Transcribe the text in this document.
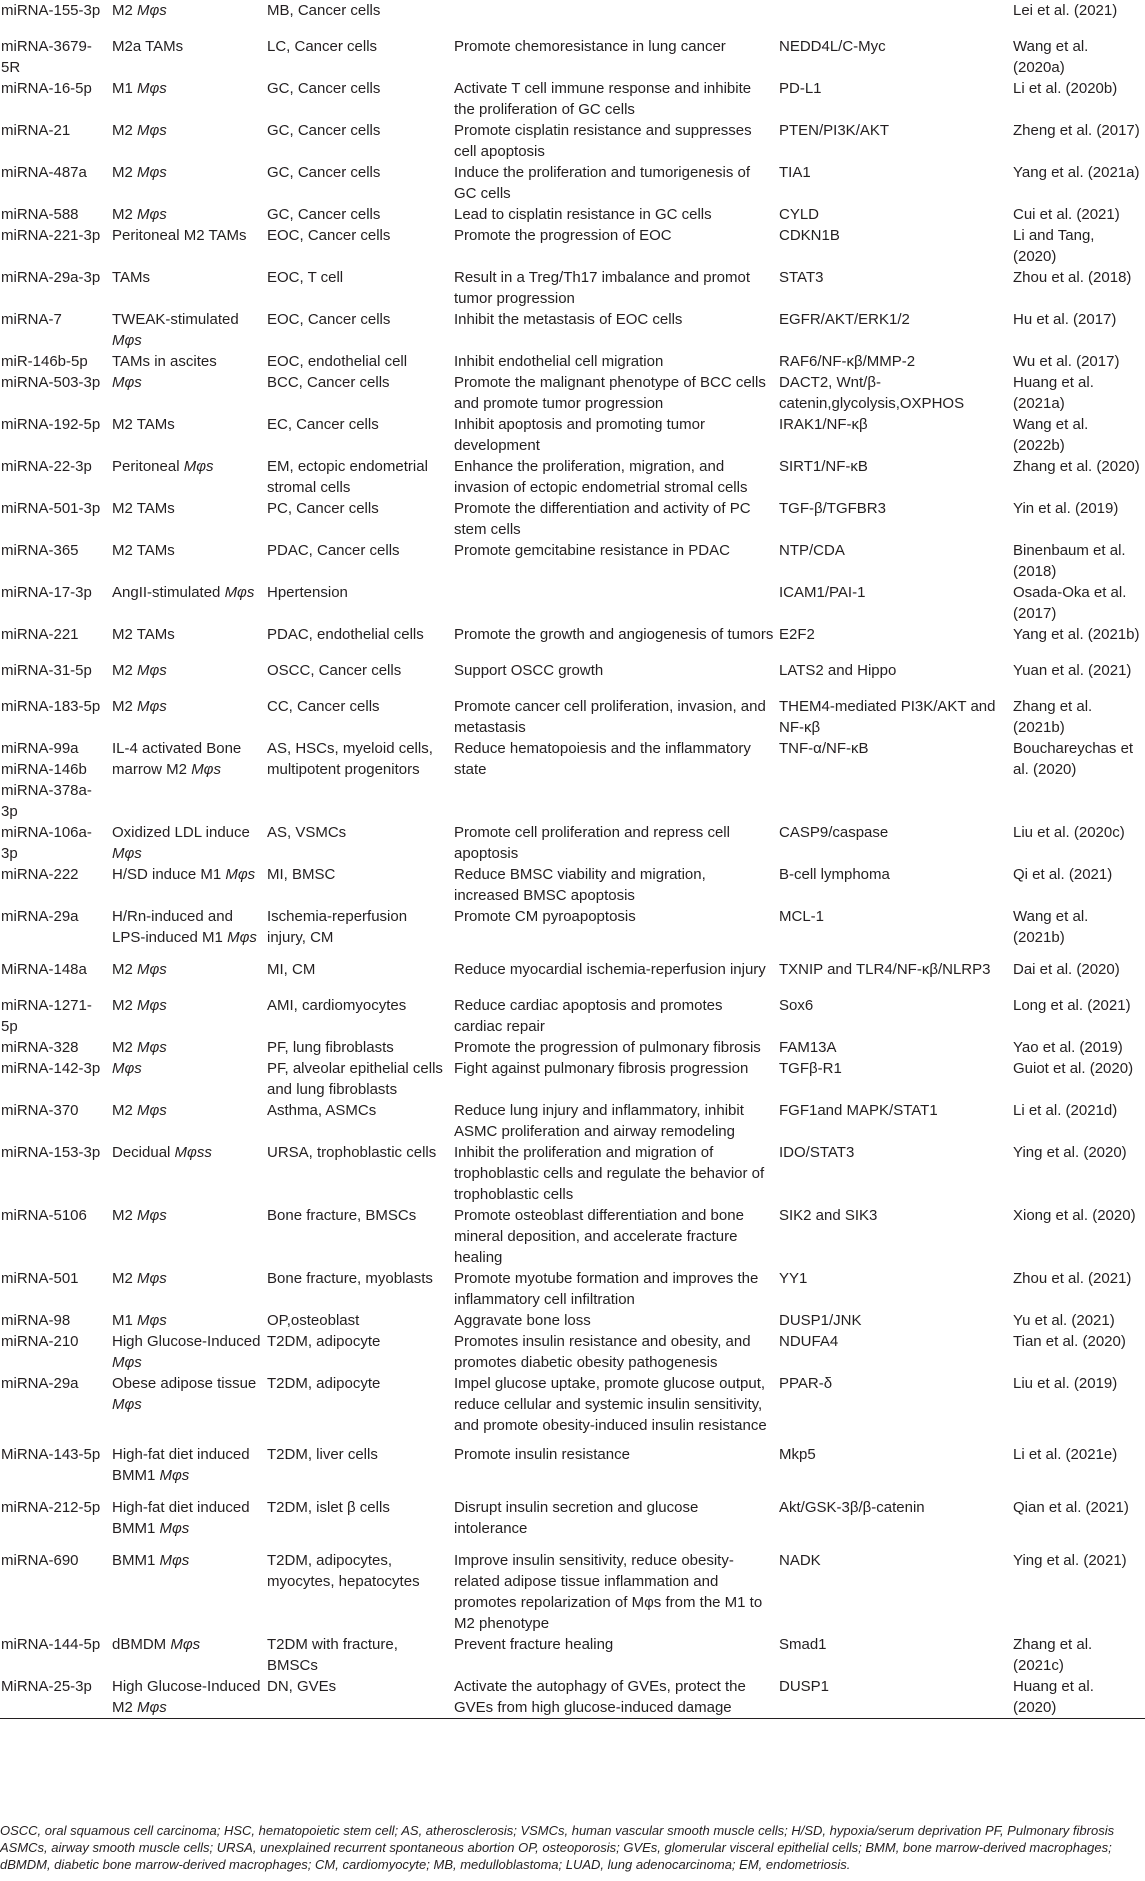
miRNA-155-3p	M2 Mφs	MB, Cancer cells			Lei et al. (2021)
miRNA-3679-5R	M2a TAMs	LC, Cancer cells	Promote chemoresistance in lung cancer	NEDD4L/C-Myc	Wang et al. (2020a)
miRNA-16-5p	M1 Mφs	GC, Cancer cells	Activate T cell immune response and inhibite the proliferation of GC cells	PD-L1	Li et al. (2020b)
miRNA-21	M2 Mφs	GC, Cancer cells	Promote cisplatin resistance and suppresses cell apoptosis	PTEN/PI3K/AKT	Zheng et al. (2017)
miRNA-487a	M2 Mφs	GC, Cancer cells	Induce the proliferation and tumorigenesis of GC cells	TIA1	Yang et al. (2021a)
miRNA-588	M2 Mφs	GC, Cancer cells	Lead to cisplatin resistance in GC cells	CYLD	Cui et al. (2021)
miRNA-221-3p	Peritoneal M2 TAMs	EOC, Cancer cells	Promote the progression of EOC	CDKN1B	Li and Tang, (2020)
miRNA-29a-3p	TAMs	EOC, T cell	Result in a Treg/Th17 imbalance and promot tumor progression	STAT3	Zhou et al. (2018)
miRNA-7	TWEAK-stimulated Mφs	EOC, Cancer cells	Inhibit the metastasis of EOC cells	EGFR/AKT/ERK1/2	Hu et al. (2017)
miR-146b-5p	TAMs in ascites	EOC, endothelial cell	Inhibit endothelial cell migration	RAF6/NF-κβ/MMP-2	Wu et al. (2017)
miRNA-503-3p	Mφs	BCC, Cancer cells	Promote the malignant phenotype of BCC cells and promote tumor progression	DACT2, Wnt/β-catenin,glycolysis,OXPHOS	Huang et al. (2021a)
miRNA-192-5p	M2 TAMs	EC, Cancer cells	Inhibit apoptosis and promoting tumor development	IRAK1/NF-κβ	Wang et al. (2022b)
miRNA-22-3p	Peritoneal Mφs	EM, ectopic endometrial stromal cells	Enhance the proliferation, migration, and invasion of ectopic endometrial stromal cells	SIRT1/NF-κB	Zhang et al. (2020)
miRNA-501-3p	M2 TAMs	PC, Cancer cells	Promote the differentiation and activity of PC stem cells	TGF-β/TGFBR3	Yin et al. (2019)
miRNA-365	M2 TAMs	PDAC, Cancer cells	Promote gemcitabine resistance in PDAC	NTP/CDA	Binenbaum et al. (2018)
miRNA-17-3p	AngII-stimulated Mφs	Hpertension		ICAM1/PAI-1	Osada-Oka et al. (2017)
miRNA-221	M2 TAMs	PDAC, endothelial cells	Promote the growth and angiogenesis of tumors	E2F2	Yang et al. (2021b)
miRNA-31-5p	M2 Mφs	OSCC, Cancer cells	Support OSCC growth	LATS2 and Hippo	Yuan et al. (2021)
miRNA-183-5p	M2 Mφs	CC, Cancer cells	Promote cancer cell proliferation, invasion, and metastasis	THEM4-mediated PI3K/AKT and NF-κβ	Zhang et al. (2021b)
miRNA-99a miRNA-146b miRNA-378a-3p	IL-4 activated Bone marrow M2 Mφs	AS, HSCs, myeloid cells, multipotent progenitors	Reduce hematopoiesis and the inflammatory state	TNF-α/NF-κB	Bouchareychas et al. (2020)
miRNA-106a-3p	Oxidized LDL induce Mφs	AS, VSMCs	Promote cell proliferation and repress cell apoptosis	CASP9/caspase	Liu et al. (2020c)
miRNA-222	H/SD induce M1 Mφs	MI, BMSC	Reduce BMSC viability and migration, increased BMSC apoptosis	B-cell lymphoma	Qi et al. (2021)
miRNA-29a	H/Rn-induced and LPS-induced M1 Mφs	Ischemia-reperfusion injury, CM	Promote CM pyroapoptosis	MCL-1	Wang et al. (2021b)
MiRNA-148a	M2 Mφs	MI, CM	Reduce myocardial ischemia-reperfusion injury	TXNIP and TLR4/NF-κβ/NLRP3	Dai et al. (2020)
miRNA-1271-5p	M2 Mφs	AMI, cardiomyocytes	Reduce cardiac apoptosis and promotes cardiac repair	Sox6	Long et al. (2021)
miRNA-328	M2 Mφs	PF, lung fibroblasts	Promote the progression of pulmonary fibrosis	FAM13A	Yao et al. (2019)
miRNA-142-3p	Mφs	PF, alveolar epithelial cells and lung fibroblasts	Fight against pulmonary fibrosis progression	TGFβ-R1	Guiot et al. (2020)
miRNA-370	M2 Mφs	Asthma, ASMCs	Reduce lung injury and inflammatory, inhibit ASMC proliferation and airway remodeling	FGF1and MAPK/STAT1	Li et al. (2021d)
miRNA-153-3p	Decidual Mφss	URSA, trophoblastic cells	Inhibit the proliferation and migration of trophoblastic cells and regulate the behavior of trophoblastic cells	IDO/STAT3	Ying et al. (2020)
miRNA-5106	M2 Mφs	Bone fracture, BMSCs	Promote osteoblast differentiation and bone mineral deposition, and accelerate fracture healing	SIK2 and SIK3	Xiong et al. (2020)
miRNA-501	M2 Mφs	Bone fracture, myoblasts	Promote myotube formation and improves the inflammatory cell infiltration	YY1	Zhou et al. (2021)
miRNA-98	M1 Mφs	OP,osteoblast	Aggravate bone loss	DUSP1/JNK	Yu et al. (2021)
miRNA-210	High Glucose-Induced Mφs	T2DM, adipocyte	Promotes insulin resistance and obesity, and promotes diabetic obesity pathogenesis	NDUFA4	Tian et al. (2020)
miRNA-29a	Obese adipose tissue Mφs	T2DM, adipocyte	Impel glucose uptake, promote glucose output, reduce cellular and systemic insulin sensitivity, and promote obesity-induced insulin resistance	PPAR-δ	Liu et al. (2019)
MiRNA-143-5p	High-fat diet induced BMM1 Mφs	T2DM, liver cells	Promote insulin resistance	Mkp5	Li et al. (2021e)
miRNA-212-5p	High-fat diet induced BMM1 Mφs	T2DM, islet β cells	Disrupt insulin secretion and glucose intolerance	Akt/GSK-3β/β-catenin	Qian et al. (2021)
miRNA-690	BMM1 Mφs	T2DM, adipocytes, myocytes, hepatocytes	Improve insulin sensitivity, reduce obesity-related adipose tissue inflammation and promotes repolarization of Mφs from the M1 to M2 phenotype	NADK	Ying et al. (2021)
miRNA-144-5p	dBMDM Mφs	T2DM with fracture, BMSCs	Prevent fracture healing	Smad1	Zhang et al. (2021c)
MiRNA-25-3p	High Glucose-Induced M2 Mφs	DN, GVEs	Activate the autophagy of GVEs, protect the GVEs from high glucose-induced damage	DUSP1	Huang et al. (2020)
OSCC, oral squamous cell carcinoma; HSC, hematopoietic stem cell; AS, atherosclerosis; VSMCs, human vascular smooth muscle cells; H/SD, hypoxia/serum deprivation PF, Pulmonary fibrosis ASMCs, airway smooth muscle cells; URSA, unexplained recurrent spontaneous abortion OP, osteoporosis; GVEs, glomerular visceral epithelial cells; BMM, bone marrow-derived macrophages; dBMDM, diabetic bone marrow-derived macrophages; CM, cardiomyocyte; MB, medulloblastoma; LUAD, lung adenocarcinoma; EM, endometriosis.
